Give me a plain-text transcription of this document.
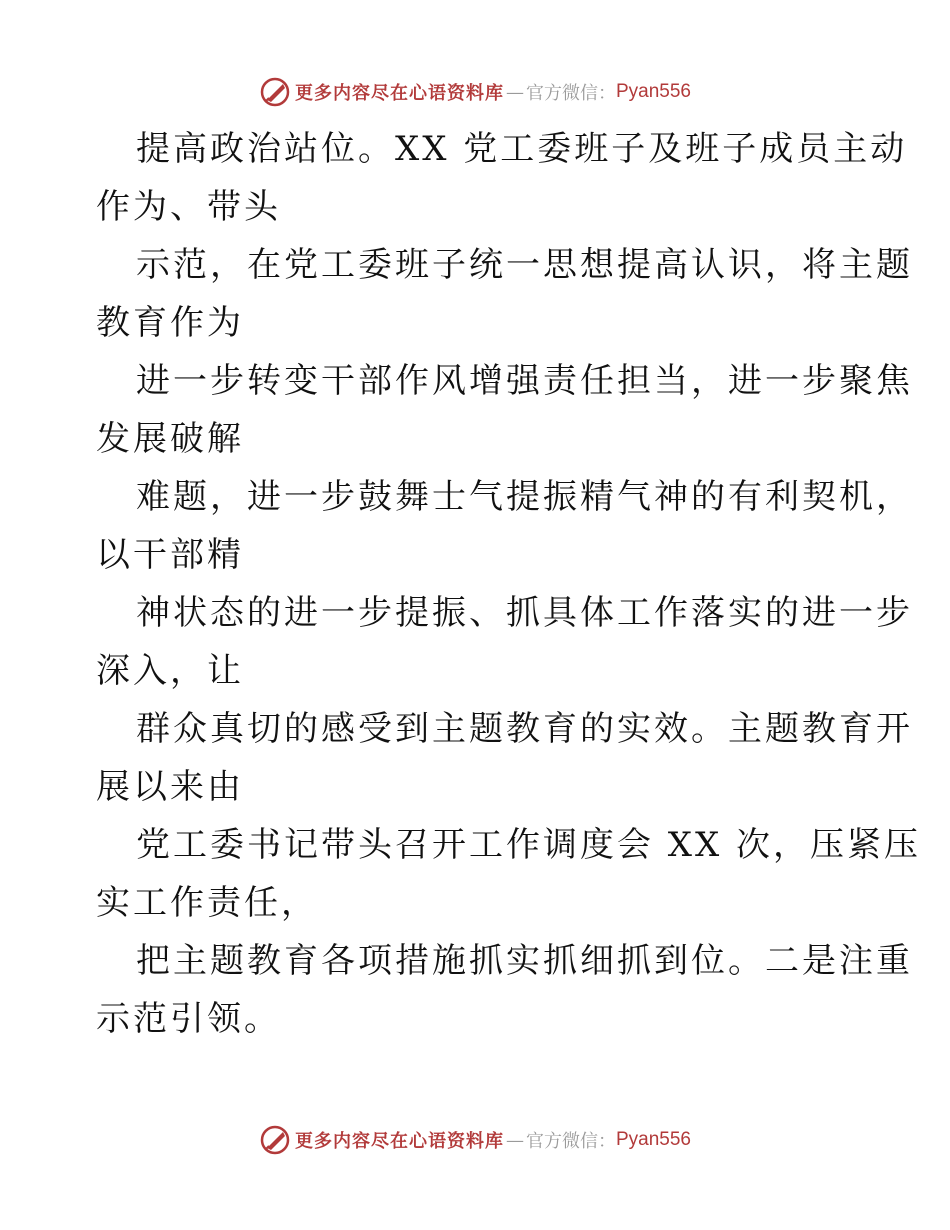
更多内容尽在心语资料库 — 官方微信： Pyan556
提高政治站位。XX 党工委班子及班子成员主动
作为、带头
示范，在党工委班子统一思想提高认识，将主题
教育作为
进一步转变干部作风增强责任担当，进一步聚焦
发展破解
难题，进一步鼓舞士气提振精气神的有利契机，
以干部精
神状态的进一步提振、抓具体工作落实的进一步
深入，让
群众真切的感受到主题教育的实效。主题教育开
展以来由
党工委书记带头召开工作调度会 XX 次，压紧压
实工作责任，
把主题教育各项措施抓实抓细抓到位。二是注重
示范引领。
更多内容尽在心语资料库 — 官方微信： Pyan556
